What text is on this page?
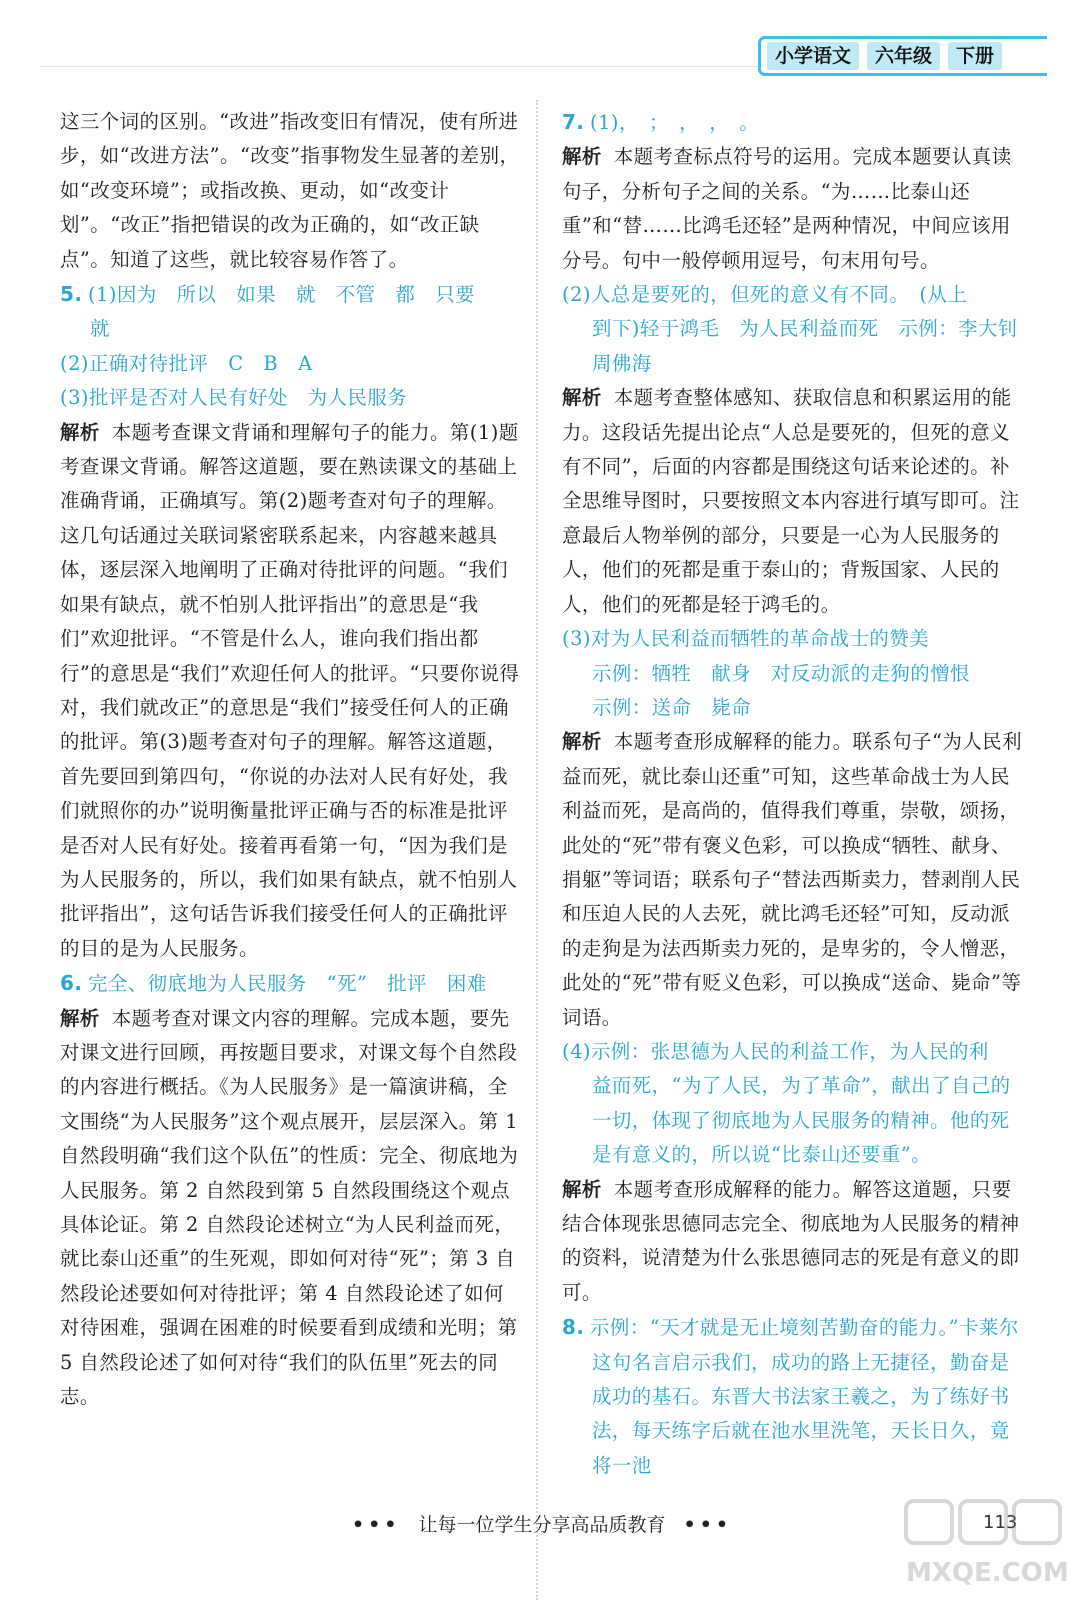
小学语文	六年级	下册

这三个词的区别。“改进”指改变旧有情况，使有所进步，如“改进方法”。“改变”指事物发生显著的差别，如“改变环境”；或指改换、更动，如“改变计划”。“改正”指把错误的改为正确的，如“改正缺点”。知道了这些，就比较容易作答了。

5. (1)因为　所以　如果　就　不管　都　只要

就

(2)正确对待批评　C　B　A

(3)批评是否对人民有好处　为人民服务

解析 本题考查课文背诵和理解句子的能力。第(1)题考查课文背诵。解答这道题，要在熟读课文的基础上准确背诵，正确填写。第(2)题考查对句子的理解。这几句话通过关联词紧密联系起来，内容越来越具体，逐层深入地阐明了正确对待批评的问题。“我们如果有缺点，就不怕别人批评指出”的意思是“我们”欢迎批评。“不管是什么人，谁向我们指出都行”的意思是“我们”欢迎任何人的批评。“只要你说得对，我们就改正”的意思是“我们”接受任何人的正确的批评。第(3)题考查对句子的理解。解答这道题，首先要回到第四句，“你说的办法对人民有好处，我们就照你的办”说明衡量批评正确与否的标准是批评是否对人民有好处。接着再看第一句，“因为我们是为人民服务的，所以，我们如果有缺点，就不怕别人批评指出”，这句话告诉我们接受任何人的正确批评的目的是为人民服务。

6. 完全、彻底地为人民服务　“死”　批评　困难

解析 本题考查对课文内容的理解。完成本题，要先对课文进行回顾，再按题目要求，对课文每个自然段的内容进行概括。《为人民服务》是一篇演讲稿，全文围绕“为人民服务”这个观点展开，层层深入。第 1 自然段明确“我们这个队伍”的性质：完全、彻底地为人民服务。第 2 自然段到第 5 自然段围绕这个观点具体论证。第 2 自然段论述树立“为人民利益而死，就比泰山还重”的生死观，即如何对待“死”；第 3 自然段论述要如何对待批评；第 4 自然段论述了如何对待困难，强调在困难的时候要看到成绩和光明；第 5 自然段论述了如何对待“我们的队伍里”死去的同志。

7. (1)，　；　，　，　。

解析 本题考查标点符号的运用。完成本题要认真读句子，分析句子之间的关系。“为……比泰山还重”和“替……比鸿毛还轻”是两种情况，中间应该用分号。句中一般停顿用逗号，句末用句号。

(2)人总是要死的，但死的意义有不同。　(从上

到下)轻于鸿毛　为人民利益而死　示例：李大钊　周佛海

解析 本题考查整体感知、获取信息和积累运用的能力。这段话先提出论点“人总是要死的，但死的意义有不同”，后面的内容都是围绕这句话来论述的。补全思维导图时，只要按照文本内容进行填写即可。注意最后人物举例的部分，只要是一心为人民服务的人，他们的死都是重于泰山的；背叛国家、人民的人，他们的死都是轻于鸿毛的。

(3)对为人民利益而牺牲的革命战士的赞美

示例：牺牲　献身　对反动派的走狗的憎恨

示例：送命　毙命

解析 本题考查形成解释的能力。联系句子“为人民利益而死，就比泰山还重”可知，这些革命战士为人民利益而死，是高尚的，值得我们尊重，崇敬，颂扬，此处的“死”带有褒义色彩，可以换成“牺牲、献身、捐躯”等词语；联系句子“替法西斯卖力，替剥削人民和压迫人民的人去死，就比鸿毛还轻”可知，反动派的走狗是为法西斯卖力死的，是卑劣的，令人憎恶，此处的“死”带有贬义色彩，可以换成“送命、毙命”等词语。

(4)示例：张思德为人民的利益工作，为人民的利

益而死，“为了人民，为了革命”，献出了自己的一切，体现了彻底地为人民服务的精神。他的死是有意义的，所以说“比泰山还要重”。

解析 本题考查形成解释的能力。解答这道题，只要结合体现张思德同志完全、彻底地为人民服务的精神的资料，说清楚为什么张思德同志的死是有意义的即可。

8. 示例：“天才就是无止境刻苦勤奋的能力。”卡莱尔

这句名言启示我们，成功的路上无捷径，勤奋是成功的基石。东晋大书法家王羲之，为了练好书法，每天练字后就在池水里洗笔，天长日久，竟将一池

••• 让每一位学生分享高品质教育 •••	113
MXQE.COM
